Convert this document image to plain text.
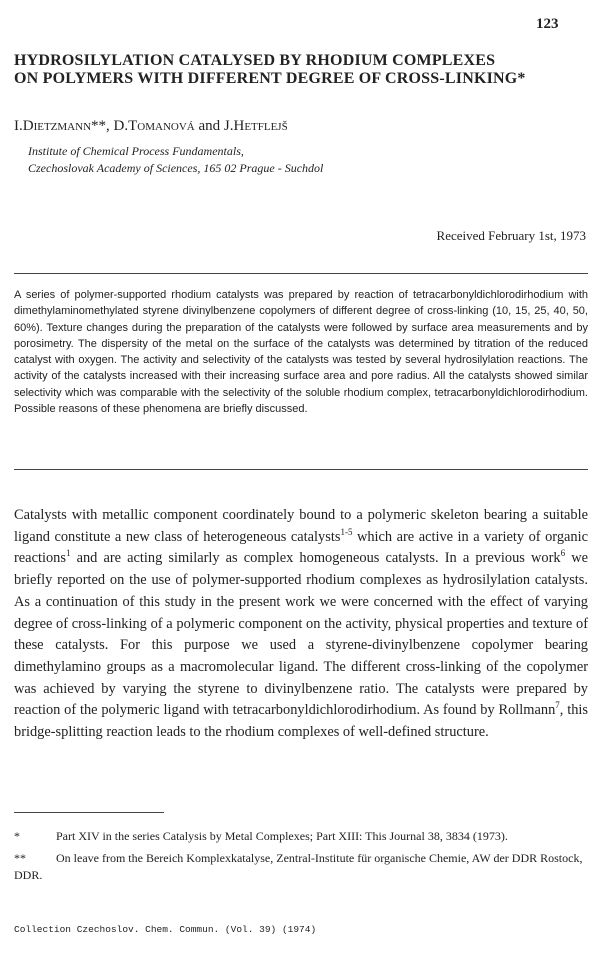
123
HYDROSILYLATION CATALYSED BY RHODIUM COMPLEXES
ON POLYMERS WITH DIFFERENT DEGREE OF CROSS-LINKING*
I.Dietzmann**, D.Tomanová and J.Hetflejš
Institute of Chemical Process Fundamentals,
Czechoslovak Academy of Sciences, 165 02 Prague - Suchdol
Received February 1st, 1973
A series of polymer-supported rhodium catalysts was prepared by reaction of tetracarbonyldichlorodirhodium with dimethylaminomethylated styrene divinylbenzene copolymers of different degree of cross-linking (10, 15, 25, 40, 50, 60%). Texture changes during the preparation of the catalysts were followed by surface area measurements and by porosimetry. The dispersity of the metal on the surface of the catalysts was determined by titration of the reduced catalyst with oxygen. The activity and selectivity of the catalysts was tested by several hydrosilylation reactions. The activity of the catalysts increased with their increasing surface area and pore radius. All the catalysts showed similar selectivity which was comparable with the selectivity of the soluble rhodium complex, tetracarbonyldichlorodirhodium. Possible reasons of these phenomena are briefly discussed.
Catalysts with metallic component coordinately bound to a polymeric skeleton bearing a suitable ligand constitute a new class of heterogeneous catalysts$^{1-5}$ which are active in a variety of organic reactions$^1$ and are acting similarly as complex homogeneous catalysts. In a previous work$^6$ we briefly reported on the use of polymer-supported rhodium complexes as hydrosilylation catalysts. As a continuation of this study in the present work we were concerned with the effect of varying degree of cross-linking of a polymeric component on the activity, physical properties and texture of these catalysts. For this purpose we used a styrene-divinylbenzene copolymer bearing dimethylamino groups as a macromolecular ligand. The different cross-linking of the copolymer was achieved by varying the styrene to divinylbenzene ratio. The catalysts were prepared by reaction of the polymeric ligand with tetracarbonyldichlorodirhodium. As found by Rollmann$^7$, this bridge-splitting reaction leads to the rhodium complexes of well-defined structure.
*	Part XIV in the series Catalysis by Metal Complexes; Part XIII: This Journal 38, 3834 (1973).
**	On leave from the Bereich Komplexkatalyse, Zentral-Institute für organische Chemie, AW der DDR Rostock, DDR.
Collection Czechoslov. Chem. Commun. (Vol. 39) (1974)
